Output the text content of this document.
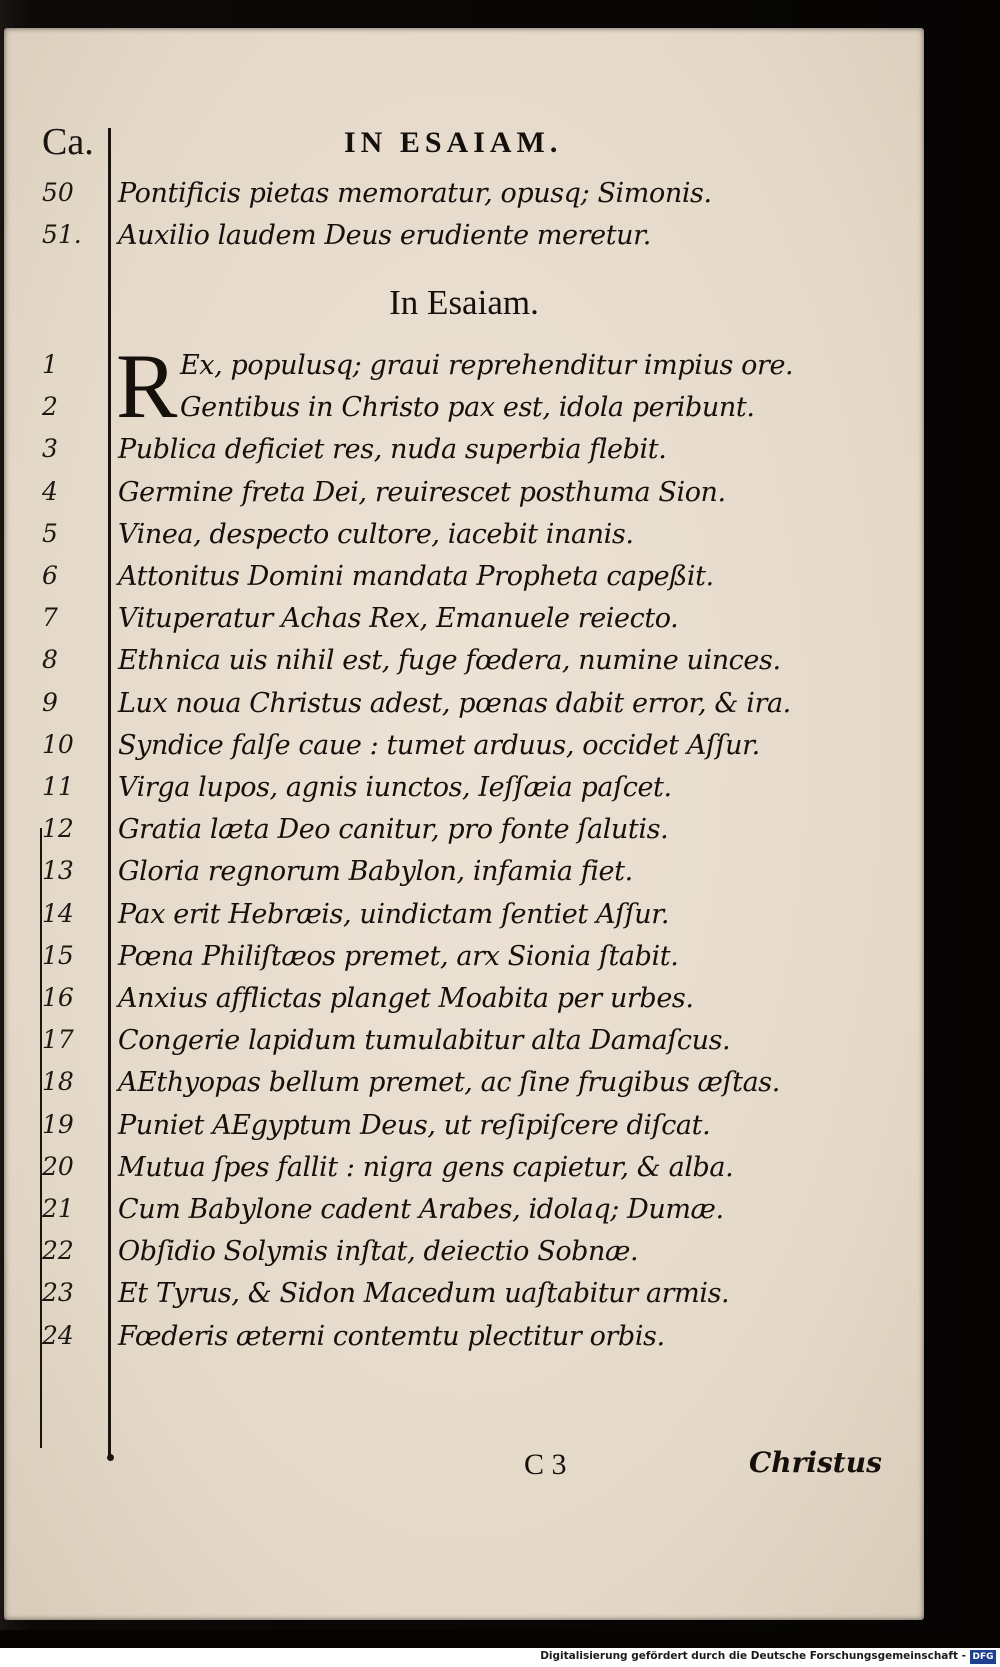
Ca.	IN ESAIAM.

50	Pontificis pietas memoratur, opusq; Simonis.
51.	Auxilio laudem Deus erudiente meretur.

In Esaiam.

R
1	Ex, populusq; graui reprehenditur impius ore.
2	Gentibus in Christo pax est, idola peribunt.
3	Publica deficiet res, nuda superbia flebit.
4	Germine freta Dei, reuirescet posthuma Sion.
5	Vinea, despecto cultore, iacebit inanis.
6	Attonitus Domini mandata Propheta capeßit.
7	Vituperatur Achas Rex, Emanuele reiecto.
8	Ethnica uis nihil est, fuge fœdera, numine uinces.
9	Lux noua Christus adest, pœnas dabit error, & ira.
10	Syndice falſe caue : tumet arduus, occidet Aſſur.
11	Virga lupos, agnis iunctos, Ieſſæia paſcet.
12	Gratia læta Deo canitur, pro fonte ſalutis.
13	Gloria regnorum Babylon, infamia fiet.
14	Pax erit Hebræis, uindictam ſentiet Aſſur.
15	Pœna Philiſtæos premet, arx Sionia ſtabit.
16	Anxius afflictas planget Moabita per urbes.
17	Congerie lapidum tumulabitur alta Damaſcus.
18	AEthyopas bellum premet, ac ſine frugibus æſtas.
19	Puniet AEgyptum Deus, ut reſipiſcere diſcat.
20	Mutua ſpes fallit : nigra gens capietur, & alba.
21	Cum Babylone cadent Arabes, idolaq; Dumæ.
22	Obſidio Solymis inſtat, deiectio Sobnæ.
23	Et Tyrus, & Sidon Macedum uaſtabitur armis.
24	Fœderis æterni contemtu plectitur orbis.
C 3	Christus
Digitalisierung gefördert durch die Deutsche Forschungsgemeinschaft - DFG
